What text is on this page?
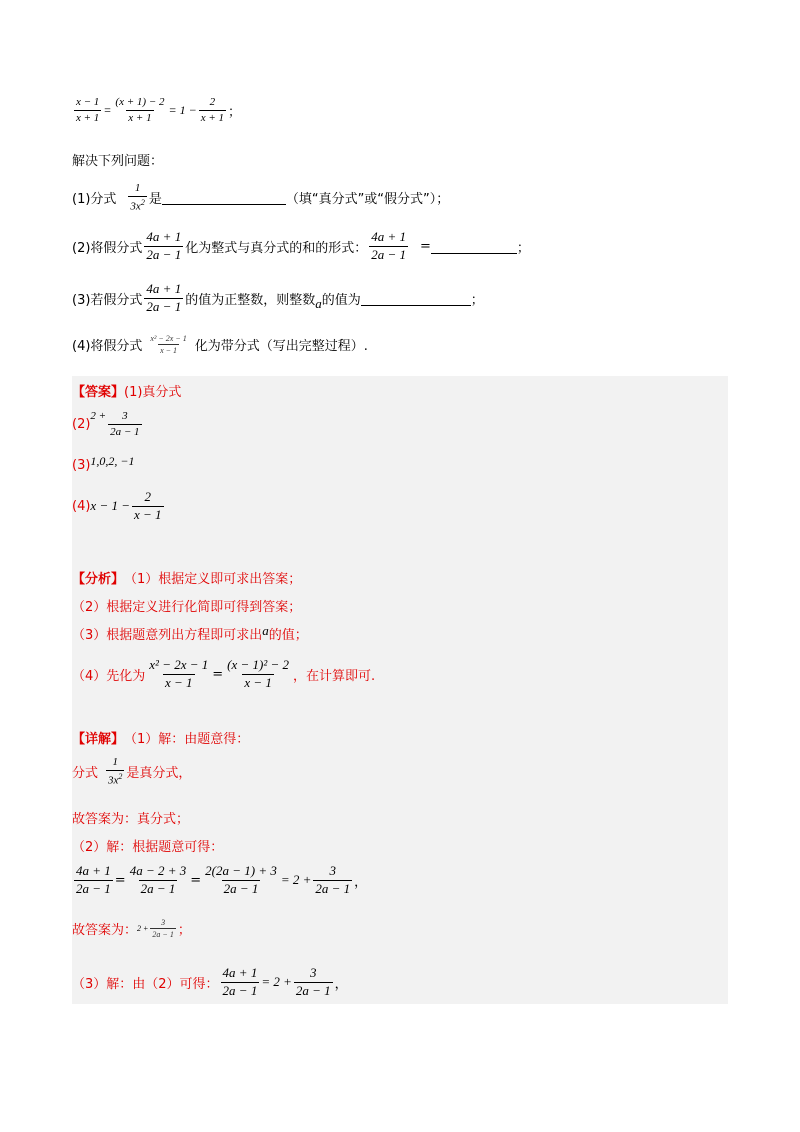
$\frac{x - 1}{x + 1} = \frac{(x + 1) - 2}{x + 1} = 1 - \frac{2}{x + 1}$ ；
解决下列问题：
(1)分式 $\frac{1}{3x^2}$ 是	（填“真分式”或“假分式”）；
(2)将假分式 $\frac{4a + 1}{2a - 1}$ 化为整式与真分式的和的形式： $\frac{4a + 1}{2a - 1}$ =	；
(3)若假分式 $\frac{4a + 1}{2a - 1}$ 的值为正整数，则整数 a 的值为	；
(4)将假分式 $\frac{\text{x² − 2x − 1}}{x - 1}$ 化为带分式（写出完整过程）.
【答案】 (1)真分式
(2)
$2 + \frac{3}{2a - 1}$
(3) 1,0,2, −1
(4) $x - 1 - \frac{2}{x - 1}$
【分析】 （1）根据定义即可求出答案；
（2）根据定义进行化简即可得到答案；
（3）根据题意列出方程即可求出 a 的值；
（4）先化为 $\frac{\text{x² − 2x − 1}}{x - 1} = \frac{\text{(x − 1)² − 2}}{x - 1}$ ，在计算即可.
【详解】 （1）解：由题意得：
分式 $\frac{1}{3x^2}$ 是真分式，
故答案为：真分式；
（2）解：根据题意可得：
$\frac{4a + 1}{2a - 1} = \frac{4a - 2 + 3}{2a - 1} = \frac{2(2a - 1) + 3}{2a - 1} = 2 + \frac{3}{2a - 1}$ ，
故答案为： $2 + \frac{3}{2a - 1}$ ；
（3）解：由（2）可得： $\frac{4a + 1}{2a - 1} = 2 + \frac{3}{2a - 1}$ ，
